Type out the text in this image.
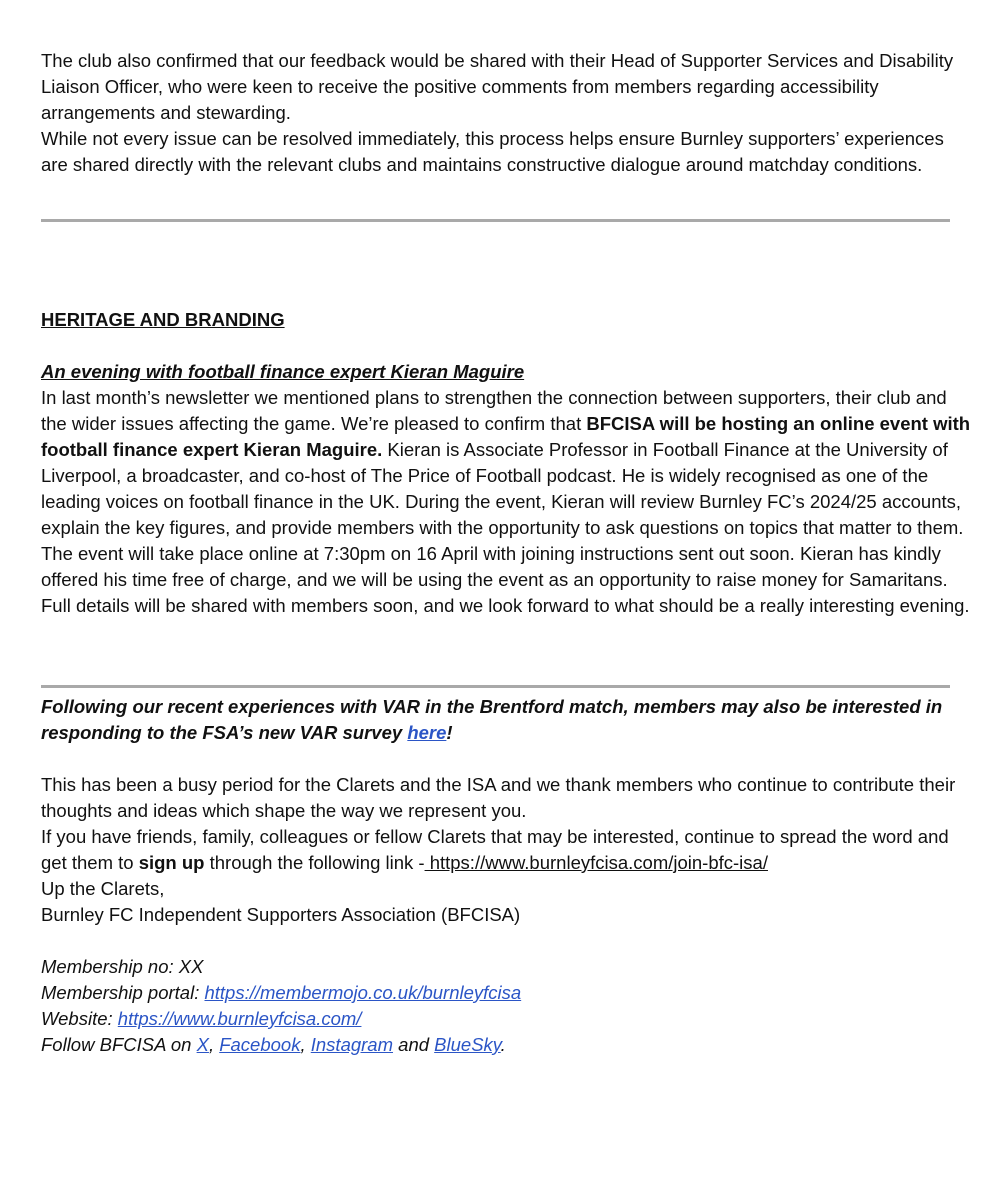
The club also confirmed that our feedback would be shared with their Head of Supporter Services and Disability Liaison Officer, who were keen to receive the positive comments from members regarding accessibility arrangements and stewarding.

While not every issue can be resolved immediately, this process helps ensure Burnley supporters’ experiences are shared directly with the relevant clubs and maintains constructive dialogue around matchday conditions.

HERITAGE AND BRANDING

An evening with football finance expert Kieran Maguire

In last month’s newsletter we mentioned plans to strengthen the connection between supporters, their club and the wider issues affecting the game. We’re pleased to confirm that BFCISA will be hosting an online event with football finance expert Kieran Maguire. Kieran is Associate Professor in Football Finance at the University of Liverpool, a broadcaster, and co-host of The Price of Football podcast. He is widely recognised as one of the leading voices on football finance in the UK. During the event, Kieran will review Burnley FC’s 2024/25 accounts, explain the key figures, and provide members with the opportunity to ask questions on topics that matter to them. The event will take place online at 7:30pm on 16 April with joining instructions sent out soon. Kieran has kindly offered his time free of charge, and we will be using the event as an opportunity to raise money for Samaritans. Full details will be shared with members soon, and we look forward to what should be a really interesting evening.

Following our recent experiences with VAR in the Brentford match, members may also be interested in responding to the FSA’s new VAR survey here!

This has been a busy period for the Clarets and the ISA and we thank members who continue to contribute their thoughts and ideas which shape the way we represent you.

If you have friends, family, colleagues or fellow Clarets that may be interested, continue to spread the word and get them to sign up through the following link - https://www.burnleyfcisa.com/join-bfc-isa/

Up the Clarets,

Burnley FC Independent Supporters Association (BFCISA)

Membership no: XX

Membership portal: https://membermojo.co.uk/burnleyfcisa

Website: https://www.burnleyfcisa.com/

Follow BFCISA on X, Facebook, Instagram and BlueSky.
